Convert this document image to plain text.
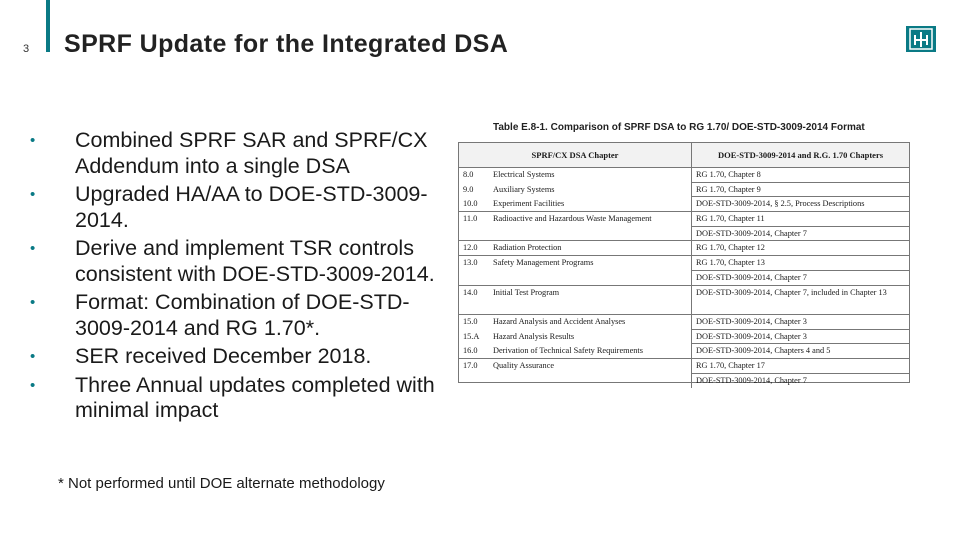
3 SPRF Update for the Integrated DSA
• Combined SPRF SAR and SPRF/CX Addendum into a single DSA
• Upgraded HA/AA to DOE-STD-3009-2014.
• Derive and implement TSR controls consistent with DOE-STD-3009-2014.
• Format: Combination of DOE-STD-3009-2014 and RG 1.70*.
• SER received December 2018.
• Three Annual updates completed with minimal impact
* Not performed until DOE alternate methodology
Table E.8-1. Comparison of SPRF DSA to RG 1.70/ DOE-STD-3009-2014 Format
SPRF/CX DSA Chapter	DOE-STD-3009-2014 and R.G. 1.70 Chapters
8.0 Electrical Systems
9.0 Auxiliary Systems
10.0 Experiment Facilities
11.0 Radioactive and Hazardous Waste Management
12.0 Radiation Protection
13.0 Safety Management Programs
14.0 Initial Test Program
15.0 Hazard Analysis and Accident Analyses
15.A Hazard Analysis Results
16.0 Derivation of Technical Safety Requirements
17.0 Quality Assurance
RG 1.70, Chapter 8
RG 1.70, Chapter 9
DOE-STD-3009-2014, § 2.5, Process Descriptions
RG 1.70, Chapter 11
DOE-STD-3009-2014, Chapter 7
RG 1.70, Chapter 12
RG 1.70, Chapter 13
DOE-STD-3009-2014, Chapter 7
DOE-STD-3009-2014, Chapter 7, included in Chapter 13
DOE-STD-3009-2014, Chapter 3
DOE-STD-3009-2014, Chapter 3
DOE-STD-3009-2014, Chapters 4 and 5
RG 1.70, Chapter 17
DOE-STD-3009-2014, Chapter 7
